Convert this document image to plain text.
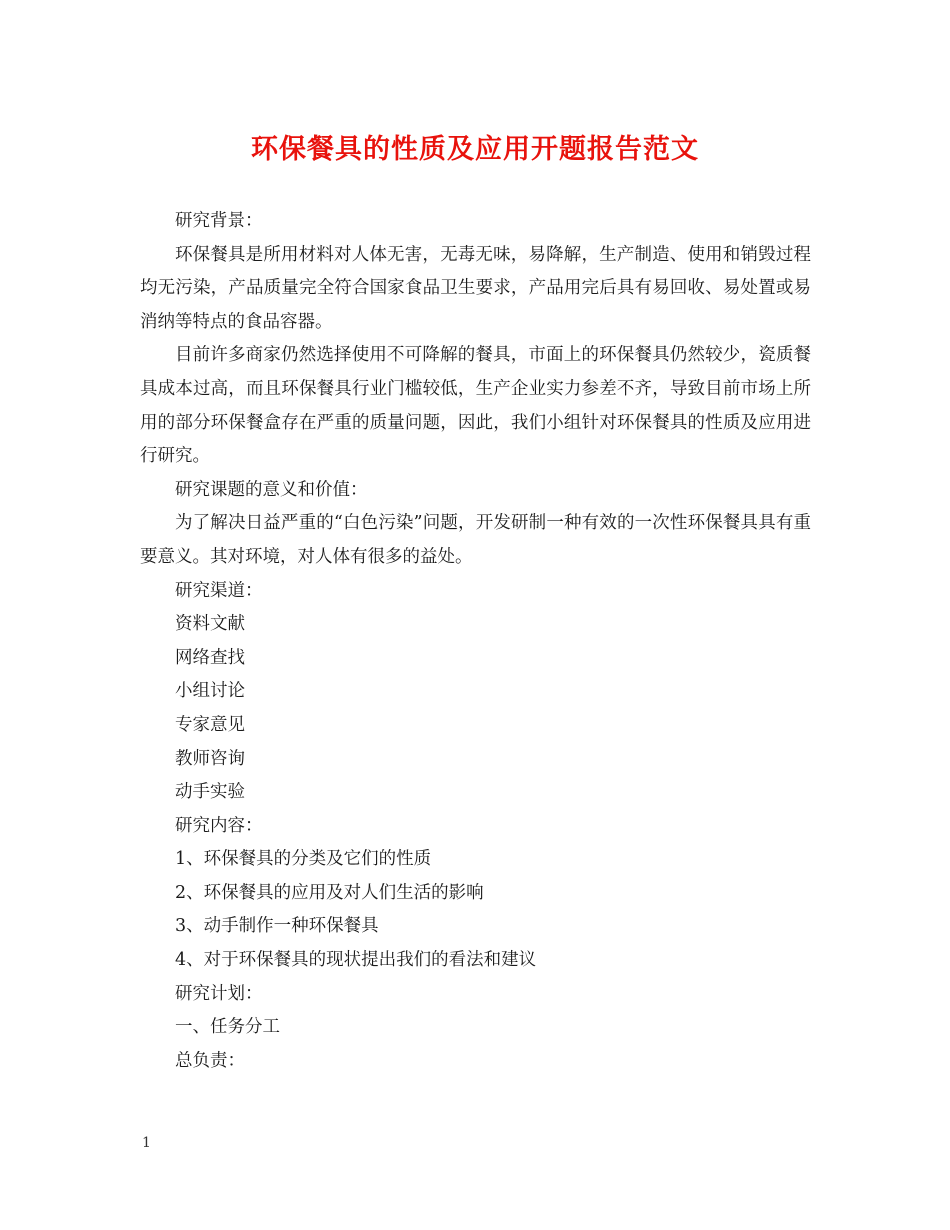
环保餐具的性质及应用开题报告范文

研究背景：

环保餐具是所用材料对人体无害，无毒无味，易降解，生产制造、使用和销毁过程均无污染，产品质量完全符合国家食品卫生要求，产品用完后具有易回收、易处置或易消纳等特点的食品容器。

目前许多商家仍然选择使用不可降解的餐具，市面上的环保餐具仍然较少，瓷质餐具成本过高，而且环保餐具行业门槛较低，生产企业实力参差不齐，导致目前市场上所用的部分环保餐盒存在严重的质量问题，因此，我们小组针对环保餐具的性质及应用进行研究。

研究课题的意义和价值：

为了解决日益严重的“白色污染”问题，开发研制一种有效的一次性环保餐具具有重要意义。其对环境，对人体有很多的益处。

研究渠道：

资料文献

网络查找

小组讨论

专家意见

教师咨询

动手实验

研究内容：

1、环保餐具的分类及它们的性质

2、环保餐具的应用及对人们生活的影响

3、动手制作一种环保餐具

4、对于环保餐具的现状提出我们的看法和建议

研究计划：

一、任务分工

总负责：

1
